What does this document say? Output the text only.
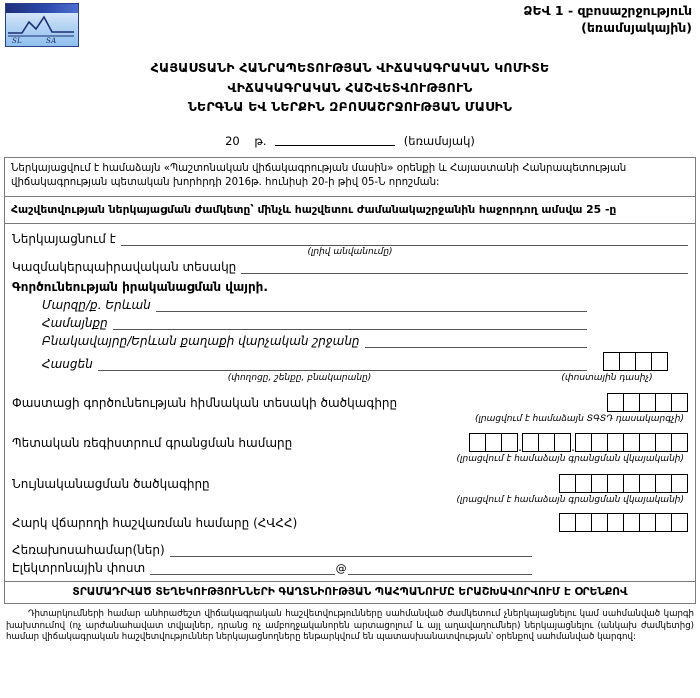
SL	SA
ՁԵՎ 1 - զբոսաշրջություն
(եռամսյակային)
ՀԱՅԱՍՏԱՆԻ ՀԱՆՐԱՊԵՏՈՒԹՅԱՆ ՎԻՃԱԿԱԳՐԱԿԱՆ ԿՈՄԻՏԵ
ՎԻՃԱԿԱԳՐԱԿԱՆ ՀԱՇՎԵՏՎՈՒԹՅՈՒՆ
ՆԵՐԳՆԱ ԵՎ ՆԵՐՔԻՆ ԶԲՈՍԱՇՐՋՈՒԹՅԱՆ ՄԱՍԻՆ
20 թ.	(եռամսյակ)
Ներկայացվում է համաձայն «Պաշտոնական վիճակագրության մասին» օրենքի և Հայաստանի Հանրապետության վիճակագրության պետական խորհրդի 2016թ. հունիսի 20-ի թիվ 05-Ն որոշման:
Հաշվետվության ներկայացման ժամկետը՝ մինչև հաշվետու ժամանակաշրջանին հաջորդող ամսվա 25 -ը
Ներկայացնում է
(լրիվ անվանումը)
Կազմակերպաիրավական տեսակը
Գործունեության իրականացման վայրի.
Մարզը/ք. Երևան
Համայնքը
Բնակավայրը/Երևան քաղաքի վարչական շրջանը
Հասցեն
(փողոցը, շենքը, բնակարանը)	(փոստային դասիչ)
Փաստացի գործունեության հիմնական տեսակի ծածկագիրը
(լրացվում է համաձայն ՏԳՏԴ դասակարգչի)
Պետական ռեգիստրում գրանցման համարը	.	.
(լրացվում է համաձայն գրանցման վկայականի)
Նույնականացման ծածկագիրը
(լրացվում է համաձայն գրանցման վկայականի)
Հարկ վճարողի հաշվառման համարը (ՀՎՀՀ)
Հեռախոսահամար(ներ)
Էլեկտրոնային փոստ	@
ՏՐԱՄԱԴՐՎԱԾ ՏԵՂԵԿՈՒԹՅՈՒՆՆԵՐԻ ԳԱՂՏՆԻՈՒԹՅԱՆ ՊԱՀՊԱՆՈՒՄԸ ԵՐԱՇԽԱՎՈՐՎՈՒՄ Է ՕՐԵՆՔՈՎ
Դիտարկումների համար անհրաժեշտ վիճակագրական հաշվետվությունները սահմանված ժամկետում չներկայացնելու կամ սահմանված կարգի խախտումով (ոչ արժանահավատ տվյալներ, դրանց ոչ ամբողջականորեն արտացոլում և այլ աղավաղումներ) ներկայացնելու (անկախ ժամկետից) համար վիճակագրական հաշվետվություններ ներկայացնողները ենթարկվում են պատասխանատվության՝ օրենքով սահմանված կարգով:
